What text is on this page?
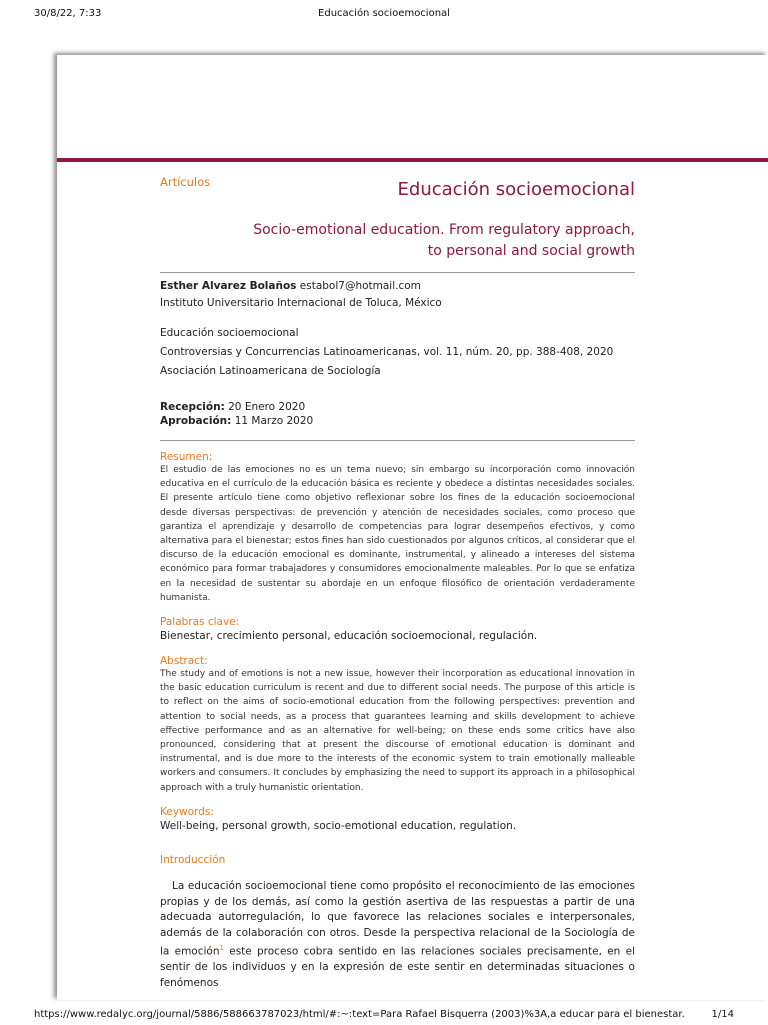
30/8/22, 7:33	Educación socioemocional
Artículos	Educación socioemocional
Socio-emotional education. From regulatory approach,
to personal and social growth
Esther Alvarez Bolaños estabol7@hotmail.com
Instituto Universitario Internacional de Toluca, México
Educación socioemocional
Controversias y Concurrencias Latinoamericanas, vol. 11, núm. 20, pp. 388-408, 2020
Asociación Latinoamericana de Sociología
Recepción: 20 Enero 2020
Aprobación: 11 Marzo 2020
Resumen:
El estudio de las emociones no es un tema nuevo; sin embargo su incorporación como innovación educativa en el currículo de la educación básica es reciente y obedece a distintas necesidades sociales. El presente artículo tiene como objetivo reflexionar sobre los fines de la educación socioemocional desde diversas perspectivas: de prevención y atención de necesidades sociales, como proceso que garantiza el aprendizaje y desarrollo de competencias para lograr desempeños efectivos, y como alternativa para el bienestar; estos fines han sido cuestionados por algunos críticos, al considerar que el discurso de la educación emocional es dominante, instrumental, y alineado a intereses del sistema económico para formar trabajadores y consumidores emocionalmente maleables. Por lo que se enfatiza en la necesidad de sustentar su abordaje en un enfoque filosófico de orientación verdaderamente humanista.
Palabras clave:
Bienestar, crecimiento personal, educación socioemocional, regulación.
Abstract:
The study and of emotions is not a new issue, however their incorporation as educational innovation in the basic education curriculum is recent and due to different social needs. The purpose of this article is to reflect on the aims of socio-emotional education from the following perspectives: prevention and attention to social needs, as a process that guarantees learning and skills development to achieve effective performance and as an alternative for well-being; on these ends some critics have also pronounced, considering that at present the discourse of emotional education is dominant and instrumental, and is due more to the interests of the economic system to train emotionally malleable workers and consumers. It concludes by emphasizing the need to support its approach in a philosophical approach with a truly humanistic orientation.
Keywords:
Well-being, personal growth, socio-emotional education, regulation.
Introducción
La educación socioemocional tiene como propósito el reconocimiento de las emociones propias y de los demás, así como la gestión asertiva de las respuestas a partir de una adecuada autorregulación, lo que favorece las relaciones sociales e interpersonales, además de la colaboración con otros. Desde la perspectiva relacional de la Sociología de la emoción$^1$ este proceso cobra sentido en las relaciones sociales precisamente, en el sentir de los individuos y en la expresión de este sentir en determinadas situaciones o fenómenos
https://www.redalyc.org/journal/5886/588663787023/html/#:~:text=Para Rafael Bisquerra (2003)%3A,a educar para el bienestar.	1/14
